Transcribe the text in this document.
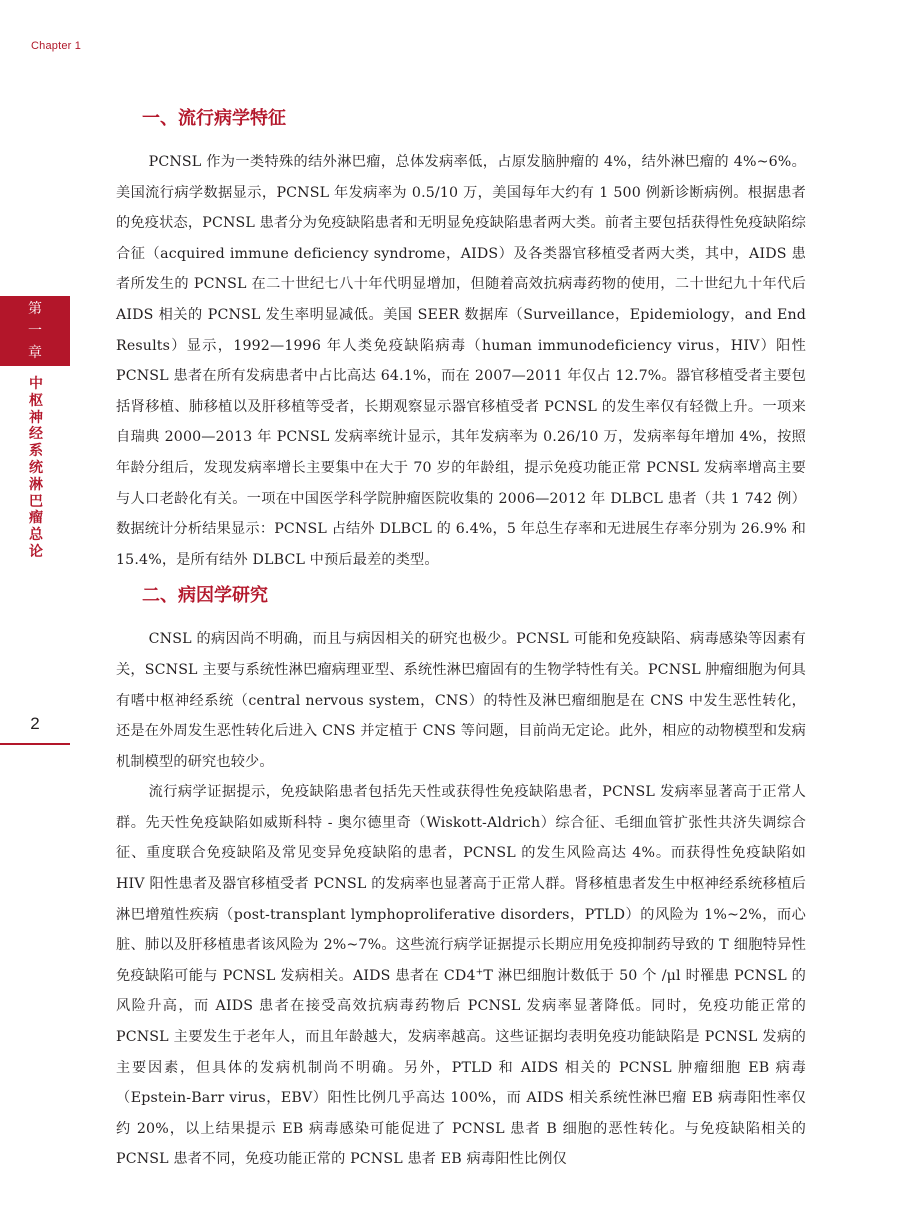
Chapter 1
第
一
章
中枢神经系统淋巴瘤总论
2
一、流行病学特征

PCNSL 作为一类特殊的结外淋巴瘤，总体发病率低，占原发脑肿瘤的 4%，结外淋巴瘤的 4%~6%。美国流行病学数据显示，PCNSL 年发病率为 0.5/10 万，美国每年大约有 1 500 例新诊断病例。根据患者的免疫状态，PCNSL 患者分为免疫缺陷患者和无明显免疫缺陷患者两大类。前者主要包括获得性免疫缺陷综合征（acquired immune deficiency syndrome，AIDS）及各类器官移植受者两大类，其中，AIDS 患者所发生的 PCNSL 在二十世纪七八十年代明显增加，但随着高效抗病毒药物的使用，二十世纪九十年代后 AIDS 相关的 PCNSL 发生率明显减低。美国 SEER 数据库（Surveillance，Epidemiology，and End Results）显示，1992—1996 年人类免疫缺陷病毒（human immunodeficiency virus，HIV）阳性 PCNSL 患者在所有发病患者中占比高达 64.1%，而在 2007—2011 年仅占 12.7%。器官移植受者主要包括肾移植、肺移植以及肝移植等受者，长期观察显示器官移植受者 PCNSL 的发生率仅有轻微上升。一项来自瑞典 2000—2013 年 PCNSL 发病率统计显示，其年发病率为 0.26/10 万，发病率每年增加 4%，按照年龄分组后，发现发病率增长主要集中在大于 70 岁的年龄组，提示免疫功能正常 PCNSL 发病率增高主要与人口老龄化有关。一项在中国医学科学院肿瘤医院收集的 2006—2012 年 DLBCL 患者（共 1 742 例）数据统计分析结果显示：PCNSL 占结外 DLBCL 的 6.4%，5 年总生存率和无进展生存率分别为 26.9% 和 15.4%，是所有结外 DLBCL 中预后最差的类型。

二、病因学研究

CNSL 的病因尚不明确，而且与病因相关的研究也极少。PCNSL 可能和免疫缺陷、病毒感染等因素有关，SCNSL 主要与系统性淋巴瘤病理亚型、系统性淋巴瘤固有的生物学特性有关。PCNSL 肿瘤细胞为何具有嗜中枢神经系统（central nervous system，CNS）的特性及淋巴瘤细胞是在 CNS 中发生恶性转化，还是在外周发生恶性转化后进入 CNS 并定植于 CNS 等问题，目前尚无定论。此外，相应的动物模型和发病机制模型的研究也较少。

流行病学证据提示，免疫缺陷患者包括先天性或获得性免疫缺陷患者，PCNSL 发病率显著高于正常人群。先天性免疫缺陷如威斯科特 - 奥尔德里奇（Wiskott-Aldrich）综合征、毛细血管扩张性共济失调综合征、重度联合免疫缺陷及常见变异免疫缺陷的患者，PCNSL 的发生风险高达 4%。而获得性免疫缺陷如 HIV 阳性患者及器官移植受者 PCNSL 的发病率也显著高于正常人群。肾移植患者发生中枢神经系统移植后淋巴增殖性疾病（post-transplant lymphoproliferative disorders，PTLD）的风险为 1%~2%，而心脏、肺以及肝移植患者该风险为 2%~7%。这些流行病学证据提示长期应用免疫抑制药导致的 T 细胞特异性免疫缺陷可能与 PCNSL 发病相关。AIDS 患者在 CD4+T 淋巴细胞计数低于 50 个 /μl 时罹患 PCNSL 的风险升高，而 AIDS 患者在接受高效抗病毒药物后 PCNSL 发病率显著降低。同时，免疫功能正常的 PCNSL 主要发生于老年人，而且年龄越大，发病率越高。这些证据均表明免疫功能缺陷是 PCNSL 发病的主要因素，但具体的发病机制尚不明确。另外，PTLD 和 AIDS 相关的 PCNSL 肿瘤细胞 EB 病毒（Epstein-Barr virus，EBV）阳性比例几乎高达 100%，而 AIDS 相关系统性淋巴瘤 EB 病毒阳性率仅约 20%，以上结果提示 EB 病毒感染可能促进了 PCNSL 患者 B 细胞的恶性转化。与免疫缺陷相关的 PCNSL 患者不同，免疫功能正常的 PCNSL 患者 EB 病毒阳性比例仅
